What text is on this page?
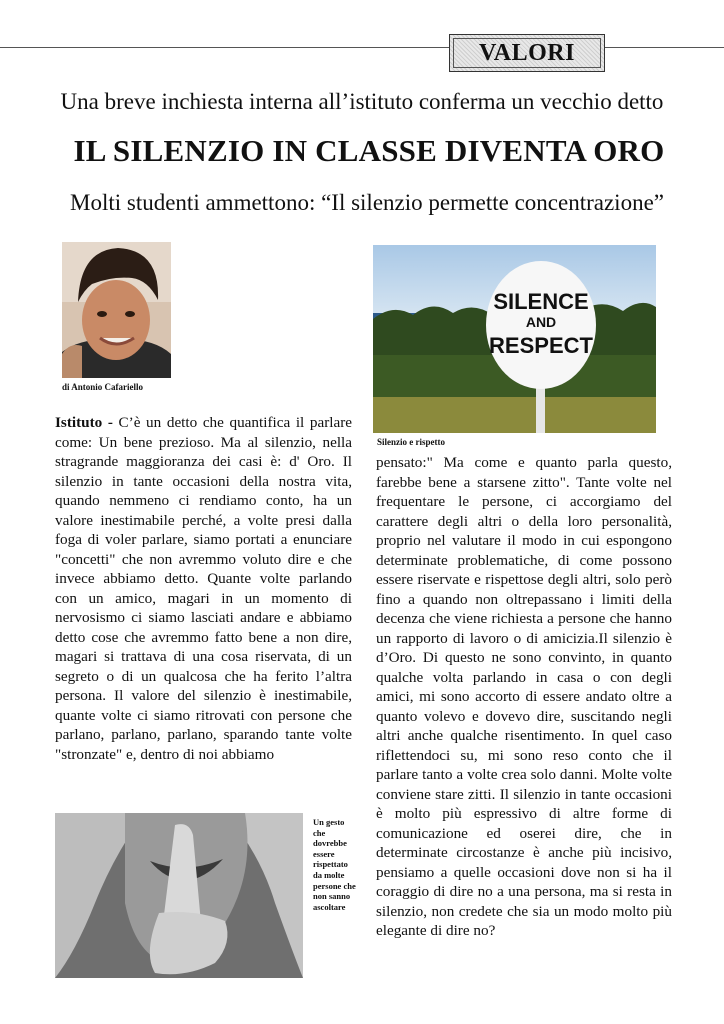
VALORI
Una breve inchiesta interna all’istituto conferma un vecchio detto
IL SILENZIO IN CLASSE DIVENTA ORO
Molti studenti ammettono: “Il silenzio permette concentrazione”
di Antonio Cafariello
SILENCE
AND
RESPECT
Silenzio e rispetto

Istituto - C’è un detto che quantifica il parlare come: Un bene prezioso. Ma al silenzio, nella stragrande maggioranza dei casi è: d' Oro. Il silenzio in tante occasioni della nostra vita, quando nemmeno ci rendiamo conto, ha un valore inestimabile perché, a volte presi dalla foga di voler parlare, siamo portati a enunciare "concetti" che non avremmo voluto dire e che invece abbiamo detto. Quante volte parlando con un amico, magari in un momento di nervosismo ci siamo lasciati andare e abbiamo detto cose che avremmo fatto bene a non dire, magari si trattava di una cosa riservata, di un segreto o di un qualcosa che ha ferito l’altra persona. Il valore del silenzio è inestimabile, quante volte ci siamo ritrovati con persone che parlano, parlano, parlano, sparando tante volte "stronzate" e, dentro di noi abbiamo

pensato:" Ma come e quanto parla questo, farebbe bene a starsene zitto". Tante volte nel frequentare le persone, ci accorgiamo del carattere degli altri o della loro personalità, proprio nel valutare il modo in cui espongono determinate problematiche, di come possono essere riservate e rispettose degli altri, solo però fino a quando non oltrepassano i limiti della decenza che viene richiesta a persone che hanno un rapporto di lavoro o di amicizia.Il silenzio è d’Oro. Di questo ne sono convinto, in quanto qualche volta parlando in casa o con degli amici, mi sono accorto di essere andato oltre a quanto volevo e dovevo dire, suscitando negli altri anche qualche risentimento. In quel caso riflettendoci su, mi sono reso conto che il parlare tanto a volte crea solo danni. Molte volte conviene stare zitti. Il silenzio in tante occasioni è molto più espressivo di altre forme di comunicazione ed oserei dire, che in determinate circostanze è anche più incisivo, pensiamo a quelle occasioni dove non si ha il coraggio di dire no a una persona, ma si resta in silenzio, non credete che sia un modo molto più elegante di dire no?

Un gesto che dovrebbe essere rispettato da molte persone che non sanno ascoltare
